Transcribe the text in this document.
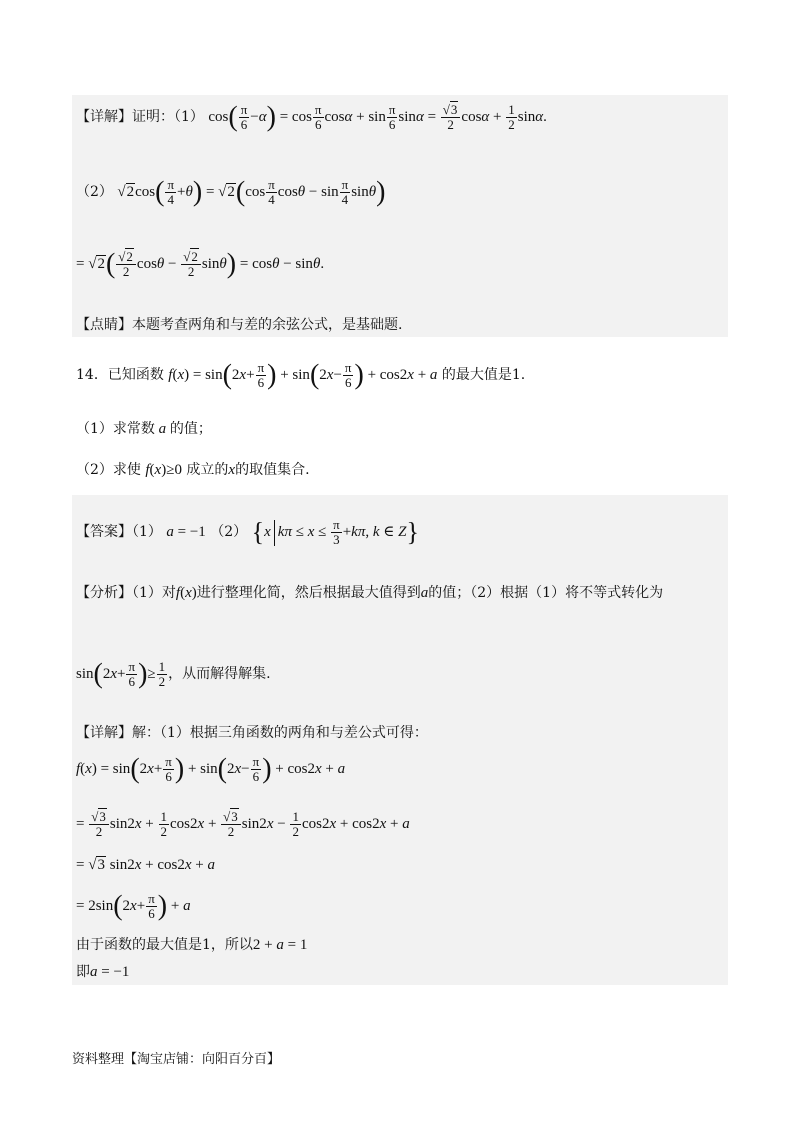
【详解】证明：（1） $\cos( \frac{\pi}{6} -\alpha) = \cos \frac{\pi}{6}$ $\cos\alpha + \sin \frac{\pi}{6}$ $\sin\alpha = \frac{√3}{2}$ $\cos\alpha + \frac{1}{2} \sin\alpha$.
（2） $√2\cos( \frac{\pi}{4} +\theta) = √2(\cos \frac{\pi}{4}$ $\cos\theta - \sin \frac{\pi}{4} \sin\theta$)
= $√2( \frac{√2}{2}$ $\cos\theta - \frac{√2}{2} \sin\theta) = \cos\theta - \sin\theta$.
【点睛】本题考查两角和与差的余弦公式，是基础题.
14．已知函数 $f(x) = \sin(2x+ \frac{\pi}{6}$ ) + $\sin(2x- \frac{\pi}{6}$ ) + cos2x + a 的最大值是1.
（1）求常数 a 的值；
（2）求使 f(x)≥0 成立的x的取值集合.
【答案】（1） a = −1 （2） {x $k\pi \le x \le \frac{\pi}{3} +k\pi$, k ∈ Z}
【分析】（1）对f(x)进行整理化简，然后根据最大值得到a的值；（2）根据（1）将不等式转化为
$\sin(2x+ \frac{\pi}{6}$ )≥ $\frac{1}{2}$ ，从而解得解集.
【详解】解：（1）根据三角函数的两角和与差公式可得：
$f(x) = \sin(2x+ \frac{\pi}{6}$ ) + $\sin(2x- \frac{\pi}{6}$ ) + cos2x + a
= $\frac{√3}{2} \sin 2x + \frac{1}{2} \cos 2x + \frac{√3}{2} \sin 2x - \frac{1}{2} \cos 2x + \cos 2x + a$
= √3 sin2x + cos2x + a
= $2\sin(2x+ \frac{\pi}{6}$ ) + a
由于函数的最大值是1，所以2 + a = 1
即a = −1
资料整理【淘宝店铺：向阳百分百】
